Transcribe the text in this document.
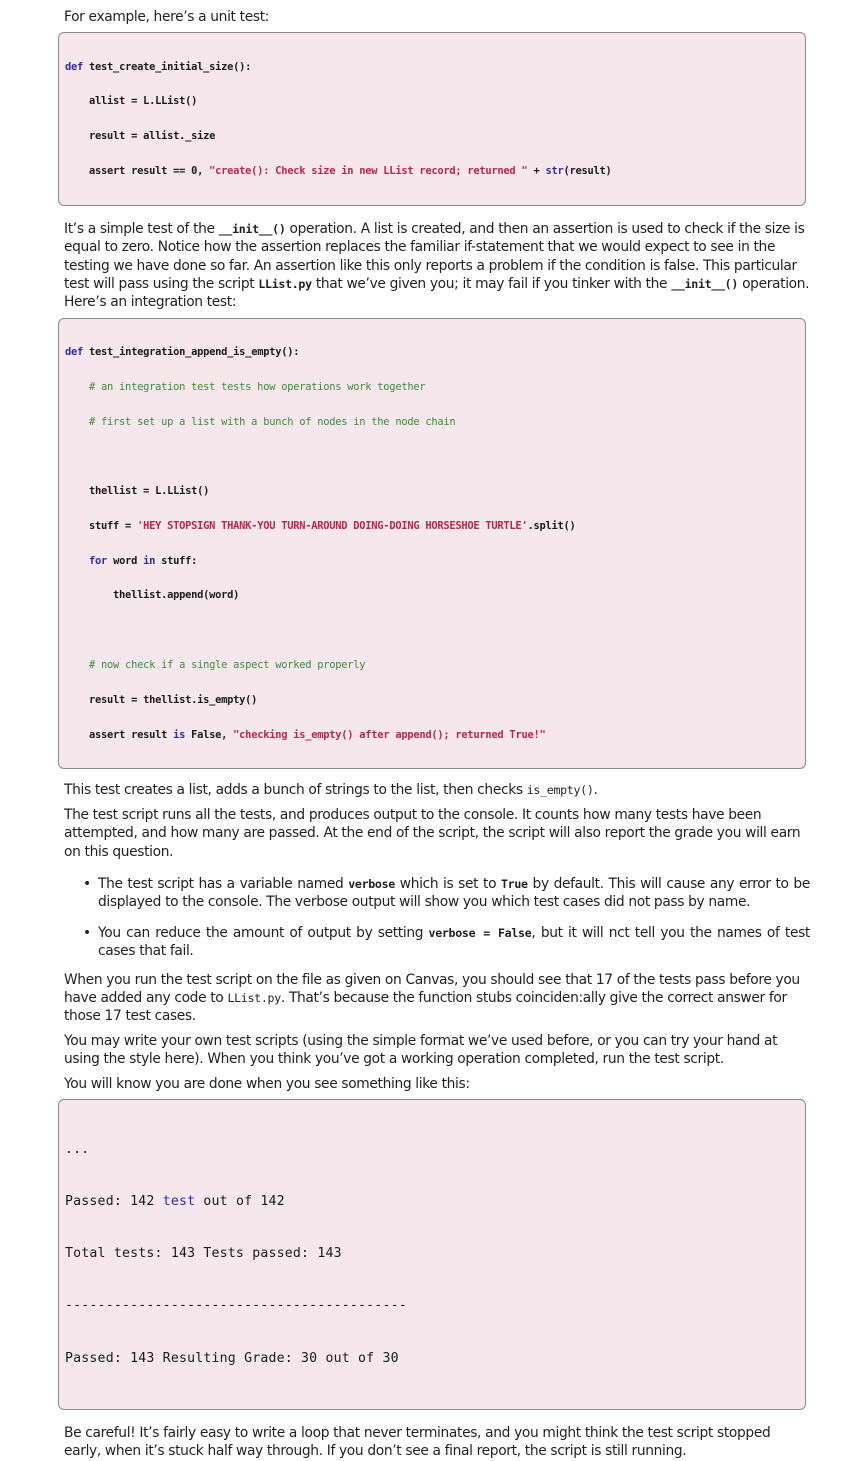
For example, here’s a unit test:

def test_create_initial_size():

allist = L.LList()

result = allist._size

assert result == 0, "create(): Check size in new LList record; returned " + str(result)

It’s a simple test of the __init__() operation. A list is created, and then an assertion is used to check if the size is equal to zero. Notice how the assertion replaces the familiar if-statement that we would expect to see in the testing we have done so far. An assertion like this only reports a problem if the condition is false. This particular test will pass using the script LList.py that we’ve given you; it may fail if you tinker with the __init__() operation.

Here’s an integration test:

def test_integration_append_is_empty():

# an integration test tests how operations work together

# first set up a list with a bunch of nodes in the node chain

thellist = L.LList()

stuff = 'HEY STOPSIGN THANK-YOU TURN-AROUND DOING-DOING HORSESHOE TURTLE'.split()

for word in stuff:

thellist.append(word)

# now check if a single aspect worked properly

result = thellist.is_empty()

assert result is False, "checking is_empty() after append(); returned True!"

This test creates a list, adds a bunch of strings to the list, then checks is_empty().

The test script runs all the tests, and produces output to the console. It counts how many tests have been attempted, and how many are passed. At the end of the script, the script will also report the grade you will earn on this question.

• The test script has a variable named verbose which is set to True by default. This will cause any error to be displayed to the console. The verbose output will show you which test cases did not pass by name.

• You can reduce the amount of output by setting verbose = False, but it will nct tell you the names of test cases that fail.

When you run the test script on the file as given on Canvas, you should see that 17 of the tests pass before you have added any code to LList.py. That’s because the function stubs coinciden:ally give the correct answer for those 17 test cases.

You may write your own test scripts (using the simple format we’ve used before, or you can try your hand at using the style here). When you think you’ve got a working operation completed, run the test script.

You will know you are done when you see something like this:

...

Passed: 142 test out of 142

Total tests: 143 Tests passed: 143

------------------------------------------

Passed: 143 Resulting Grade: 30 out of 30

Be careful! It’s fairly easy to write a loop that never terminates, and you might think the test script stopped early, when it’s stuck half way through. If you don’t see a final report, the script is still running.
